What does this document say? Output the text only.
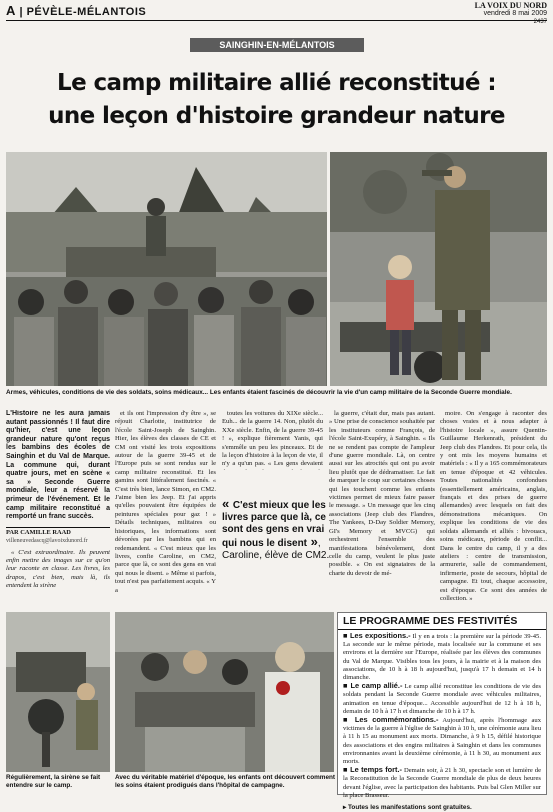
A | PÉVÈLE-MÉLANTOIS
LA VOIX DU NORD
vendredi 8 mai 2009
2437
SAINGHIN-EN-MÉLANTOIS
Le camp militaire allié reconstitué :
une leçon d'histoire grandeur nature
Armes, véhicules, conditions de vie des soldats, soins médicaux... Les enfants étaient fascinés de découvrir la vie d'un camp militaire de la Seconde Guerre mondiale.
L'Histoire ne les aura jamais autant passionnés ! Il faut dire qu'hier, c'est une leçon grandeur nature qu'ont reçus les bambins des écoles de Sainghin et du Val de Marque. La commune qui, durant quatre jours, met en scène « sa » Seconde Guerre mondiale, leur a réservé la primeur de l'événement. Et le camp militaire reconstitué a remporté un franc succès.
PAR CAMILLE RAAD
villeneuvedascq@lavoixdunord.fr

« C'est extraordinaire. Ils peuvent enfin mettre des images sur ce qu'on leur raconte en classe. Les livres, les drapos, c'est bien, mais là, ils entendent la sirène

et ils ont l'impression d'y être », se réjouit Charlotte, institutrice de l'école Saint-Joseph de Sainghin. Hier, les élèves des classes de CE et CM ont visité les trois expositions autour de la guerre 39-45 et de l'Europe puis se sont rendus sur le camp militaire reconstitué. Et les gamins sont littéralement fascinés. « C'est très bien, lance Simon, en CM2. J'aime bien les Jeep. Et j'ai appris qu'elles pouvaient être équipées de peintures spéciales pour gaz ! » Détails techniques, militaires ou historiques, les informations sont dévorées par les bambins qui en redemandent. « C'est mieux que les livres, confie Caroline, en CM2, parce que là, ce sont des gens en vrai qui nous le disent. » Même si parfois, tout n'est pas parfaitement acquis. « Y a

toutes les voitures du XIXe siècle... Euh... de la guerre 14. Non, plutôt du XXe siècle. Enfin, de la guerre 39-45 ! », explique fièrement Yanis, qui s'emmêle un peu les pinceaux. Et de la leçon d'histoire à la leçon de vie, il n'y a qu'un pas. « Les gens devaient

« C'est mieux que les livres parce que là, ce sont des gens en vrai qui nous le disent », Caroline, élève de CM2.

la guerre, c'était dur, mais pas autant. » Une prise de conscience souhaitée par les instituteurs comme François, de l'école Saint-Exupéry, à Sainghin. « Ils ne se rendent pas compte de l'ampleur d'une guerre mondiale. Là, on centre aussi sur les atrocités qui ont pu avoir lieu plutôt que de dédramatiser. Le fait de marquer le coup sur certaines choses qui les touchent comme les enfants victimes permet de mieux faire passer le message. » Un message que les cinq associations (Jeep club des Flandres, The Yankees, D-Day Soldier Memory, GI's Memory et MVCG) qui orchestrent l'ensemble des manifestations bénévolement, dont celle du camp, veulent le plus juste possible. « On est signataires de la charte du devoir de mé-

moire. On s'engage à raconter des choses vraies et à nous adapter à l'histoire locale », assure Quentin-Guillaume Herkenrath, président du Jeep club des Flandres. Et pour cela, ils y ont mis les moyens humains et matériels : « Il y a 165 commémorateurs en tenue d'époque et 42 véhicules. Toutes nationalités confondues (essentiellement américains, anglais, français et des prises de guerre allemandes) avec lesquels on fait des démonstrations mécaniques. On explique les conditions de vie des soldats allemands et alliés : bivouacs, soins médicaux, période de conflit... Dans le centre du camp, il y a des ateliers : centre de transmission, armurerie, salle de commandement, infirmerie, poste de secours, hôpital de campagne. Et tout, chaque accessoire, est d'époque. Ce sont des années de collection. »

Régulièrement, la sirène se fait entendre sur le camp.
Avec du véritable matériel d'époque, les enfants ont découvert comment les soins étaient prodigués dans l'hôpital de campagne.
LE PROGRAMME DES FESTIVITÉS

■ Les expositions.- Il y en a trois : la première sur la période 39-45. La seconde sur le même période, mais localisée sur la commune et ses environs et la dernière sur l'Europe, réalisée par les élèves des communes du Val de Marque. Visibles tous les jours, à la mairie et à la maison des associations, de 10 h à 18 h aujourd'hui, jusqu'à 17 h demain et 14 h dimanche.

■ Le camp allié.- Le camp allié reconstitue les conditions de vie des soldats pendant la Seconde Guerre mondiale avec véhicules militaires, animation en tenue d'époque... Accessible aujourd'hui de 12 h à 18 h, demain de 10 h à 17 h et dimanche de 10 h à 17 h.

■ Les commémorations.- Aujourd'hui, après l'hommage aux victimes de la guerre à l'église de Sainghin à 10 h, une cérémonie aura lieu à 11 h 15 au monument aux morts. Dimanche, à 9 h 15, défilé historique des associations et des engins militaires à Sainghin et dans les communes environnantes avant la deuxième cérémonie, à 11 h 30, au monument aux morts.

■ Le temps fort.- Demain soir, à 21 h 30, spectacle son et lumière de la Reconstitution de la Seconde Guerre mondiale de plus de deux heures devant l'église, avec la participation des habitants. Puis bal Glen Miller sur la place Brasseur.

▸ Toutes les manifestations sont gratuites.
